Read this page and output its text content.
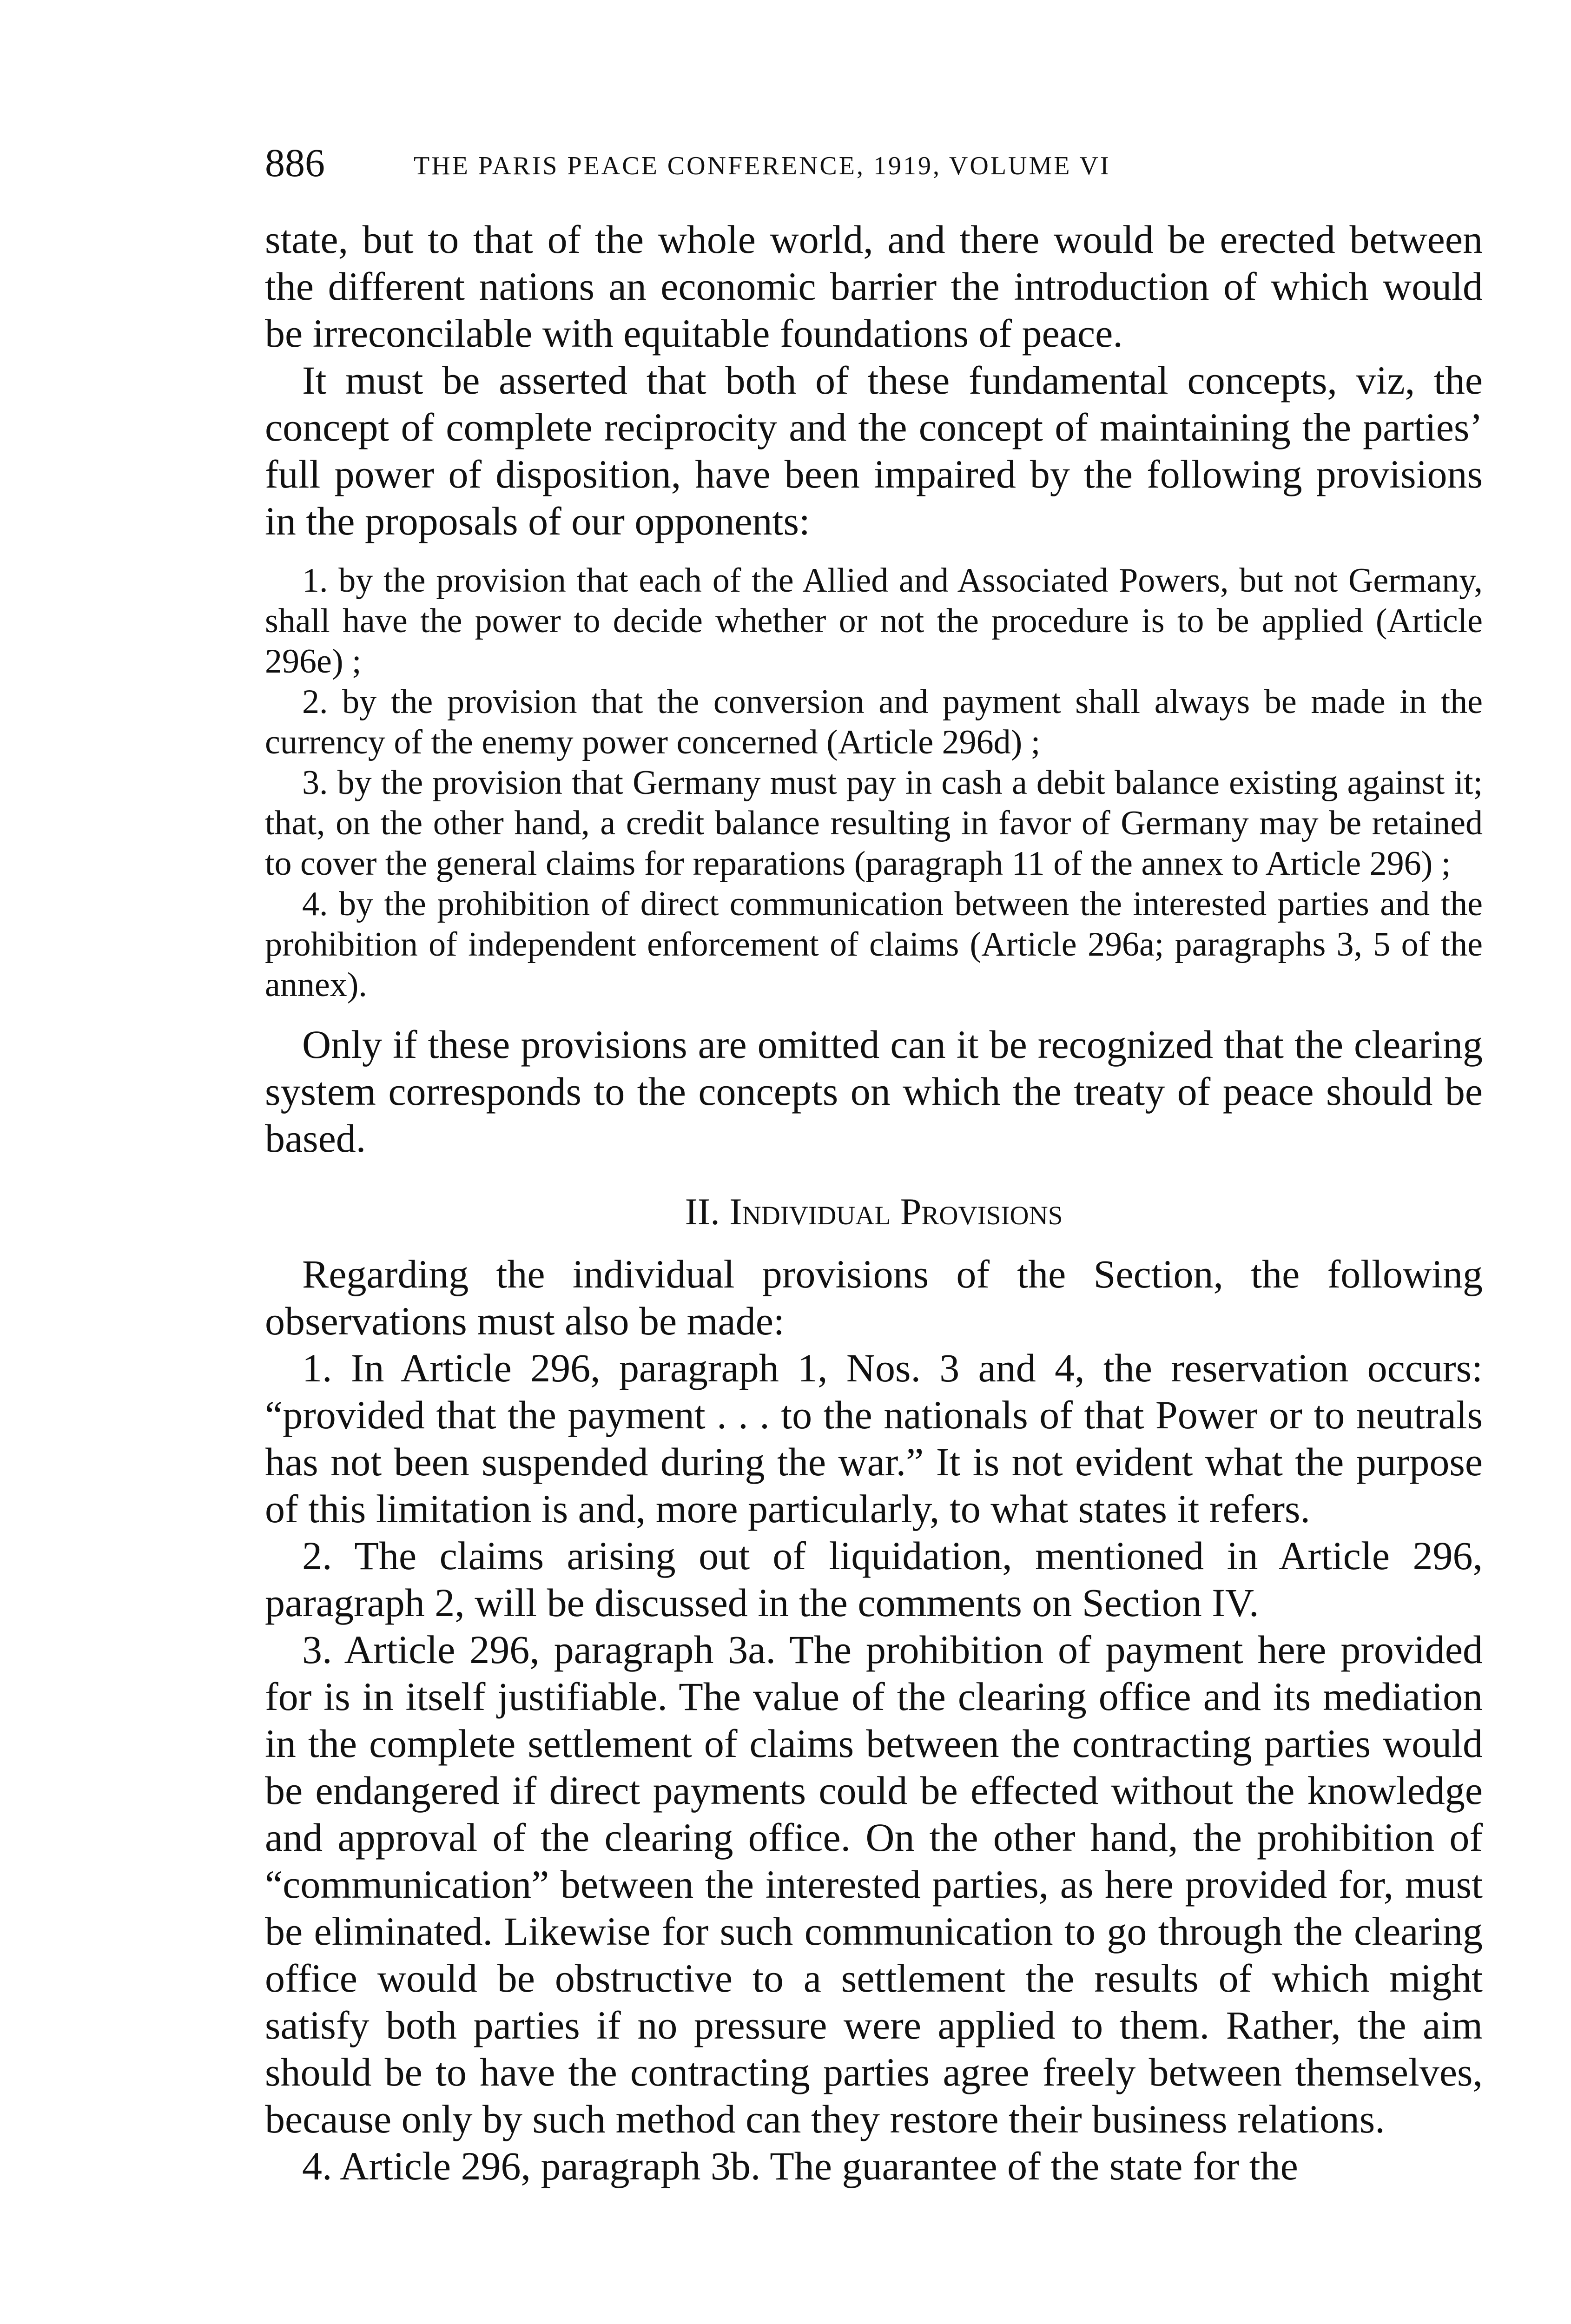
886	THE PARIS PEACE CONFERENCE, 1919, VOLUME VI

state, but to that of the whole world, and there would be erected between the different nations an economic barrier the introduction of which would be irreconcilable with equitable foundations of peace.

It must be asserted that both of these fundamental concepts, viz, the concept of complete reciprocity and the concept of maintaining the parties’ full power of disposition, have been impaired by the following provisions in the proposals of our opponents:

1. by the provision that each of the Allied and Associated Powers, but not Germany, shall have the power to decide whether or not the procedure is to be applied (Article 296e) ;

2. by the provision that the conversion and payment shall always be made in the currency of the enemy power concerned (Article 296d) ;

3. by the provision that Germany must pay in cash a debit balance existing against it; that, on the other hand, a credit balance resulting in favor of Germany may be retained to cover the general claims for reparations (paragraph 11 of the annex to Article 296) ;

4. by the prohibition of direct communication between the interested parties and the prohibition of independent enforcement of claims (Article 296a; paragraphs 3, 5 of the annex).

Only if these provisions are omitted can it be recognized that the clearing system corresponds to the concepts on which the treaty of peace should be based.

II. Individual Provisions

Regarding the individual provisions of the Section, the following observations must also be made:

1. In Article 296, paragraph 1, Nos. 3 and 4, the reservation occurs: “provided that the payment . . . to the nationals of that Power or to neutrals has not been suspended during the war.” It is not evident what the purpose of this limitation is and, more particularly, to what states it refers.

2. The claims arising out of liquidation, mentioned in Article 296, paragraph 2, will be discussed in the comments on Section IV.

3. Article 296, paragraph 3a. The prohibition of payment here provided for is in itself justifiable. The value of the clearing office and its mediation in the complete settlement of claims between the contracting parties would be endangered if direct payments could be effected without the knowledge and approval of the clearing office. On the other hand, the prohibition of “communication” between the interested parties, as here provided for, must be eliminated. Likewise for such communication to go through the clearing office would be obstructive to a settlement the results of which might satisfy both parties if no pressure were applied to them. Rather, the aim should be to have the contracting parties agree freely between themselves, because only by such method can they restore their business relations.

4. Article 296, paragraph 3b. The guarantee of the state for the
